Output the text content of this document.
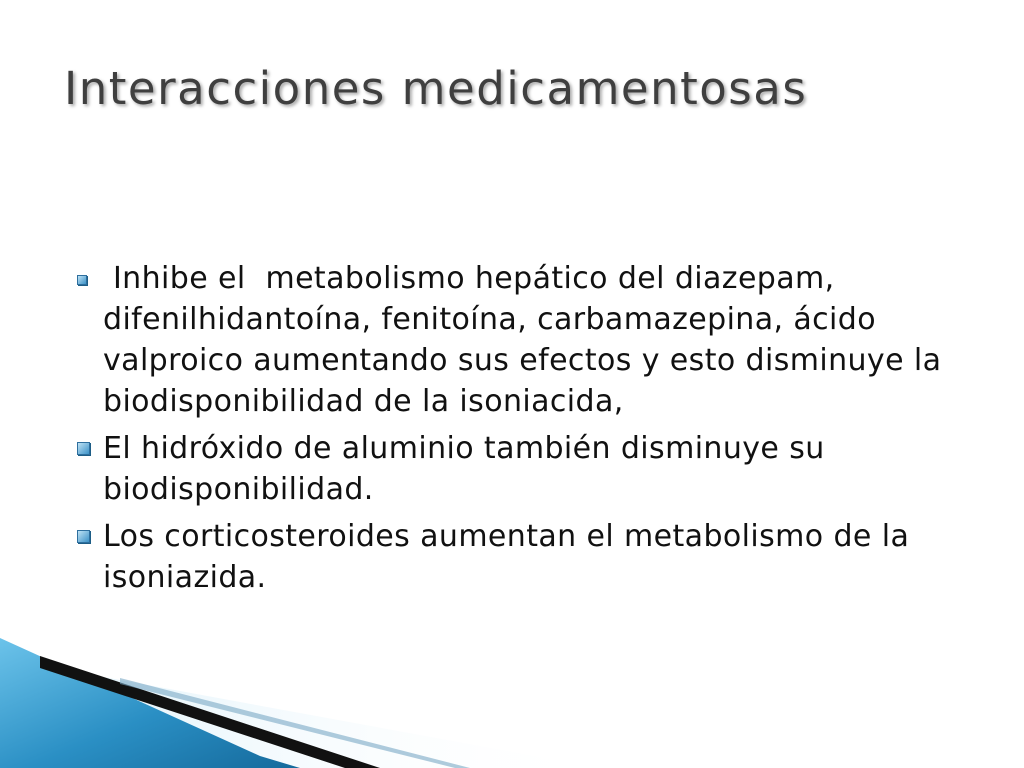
Interacciones medicamentosas
Inhibe el  metabolismo hepático del diazepam, difenilhidantoína, fenitoína, carbamazepina, ácido valproico aumentando sus efectos y esto disminuye la biodisponibilidad de la isoniacida,
El hidróxido de aluminio también disminuye su biodisponibilidad.
Los corticosteroides aumentan el metabolismo de la isoniazida.
